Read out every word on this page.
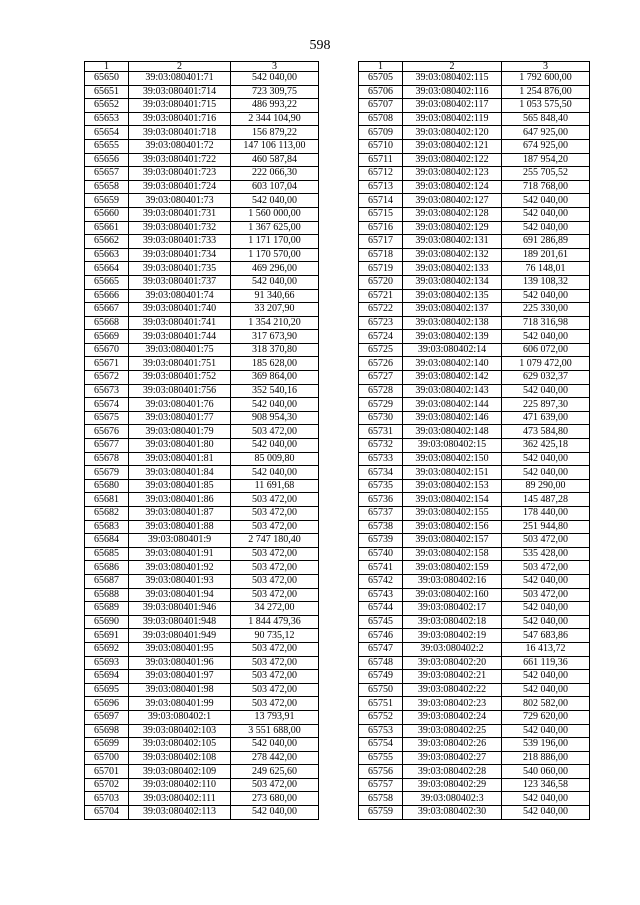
598
1	2	3
65650	39:03:080401:71	542 040,00
65651	39:03:080401:714	723 309,75
65652	39:03:080401:715	486 993,22
65653	39:03:080401:716	2 344 104,90
65654	39:03:080401:718	156 879,22
65655	39:03:080401:72	147 106 113,00
65656	39:03:080401:722	460 587,84
65657	39:03:080401:723	222 066,30
65658	39:03:080401:724	603 107,04
65659	39:03:080401:73	542 040,00
65660	39:03:080401:731	1 560 000,00
65661	39:03:080401:732	1 367 625,00
65662	39:03:080401:733	1 171 170,00
65663	39:03:080401:734	1 170 570,00
65664	39:03:080401:735	469 296,00
65665	39:03:080401:737	542 040,00
65666	39:03:080401:74	91 340,66
65667	39:03:080401:740	33 207,90
65668	39:03:080401:741	1 354 210,20
65669	39:03:080401:744	317 673,90
65670	39:03:080401:75	318 370,80
65671	39:03:080401:751	185 628,00
65672	39:03:080401:752	369 864,00
65673	39:03:080401:756	352 540,16
65674	39:03:080401:76	542 040,00
65675	39:03:080401:77	908 954,30
65676	39:03:080401:79	503 472,00
65677	39:03:080401:80	542 040,00
65678	39:03:080401:81	85 009,80
65679	39:03:080401:84	542 040,00
65680	39:03:080401:85	11 691,68
65681	39:03:080401:86	503 472,00
65682	39:03:080401:87	503 472,00
65683	39:03:080401:88	503 472,00
65684	39:03:080401:9	2 747 180,40
65685	39:03:080401:91	503 472,00
65686	39:03:080401:92	503 472,00
65687	39:03:080401:93	503 472,00
65688	39:03:080401:94	503 472,00
65689	39:03:080401:946	34 272,00
65690	39:03:080401:948	1 844 479,36
65691	39:03:080401:949	90 735,12
65692	39:03:080401:95	503 472,00
65693	39:03:080401:96	503 472,00
65694	39:03:080401:97	503 472,00
65695	39:03:080401:98	503 472,00
65696	39:03:080401:99	503 472,00
65697	39:03:080402:1	13 793,91
65698	39:03:080402:103	3 551 688,00
65699	39:03:080402:105	542 040,00
65700	39:03:080402:108	278 442,00
65701	39:03:080402:109	249 625,60
65702	39:03:080402:110	503 472,00
65703	39:03:080402:111	273 680,00
65704	39:03:080402:113	542 040,00
1	2	3
65705	39:03:080402:115	1 792 600,00
65706	39:03:080402:116	1 254 876,00
65707	39:03:080402:117	1 053 575,50
65708	39:03:080402:119	565 848,40
65709	39:03:080402:120	647 925,00
65710	39:03:080402:121	674 925,00
65711	39:03:080402:122	187 954,20
65712	39:03:080402:123	255 705,52
65713	39:03:080402:124	718 768,00
65714	39:03:080402:127	542 040,00
65715	39:03:080402:128	542 040,00
65716	39:03:080402:129	542 040,00
65717	39:03:080402:131	691 286,89
65718	39:03:080402:132	189 201,61
65719	39:03:080402:133	76 148,01
65720	39:03:080402:134	139 108,32
65721	39:03:080402:135	542 040,00
65722	39:03:080402:137	225 330,00
65723	39:03:080402:138	718 316,98
65724	39:03:080402:139	542 040,00
65725	39:03:080402:14	606 072,00
65726	39:03:080402:140	1 079 472,00
65727	39:03:080402:142	629 032,37
65728	39:03:080402:143	542 040,00
65729	39:03:080402:144	225 897,30
65730	39:03:080402:146	471 639,00
65731	39:03:080402:148	473 584,80
65732	39:03:080402:15	362 425,18
65733	39:03:080402:150	542 040,00
65734	39:03:080402:151	542 040,00
65735	39:03:080402:153	89 290,00
65736	39:03:080402:154	145 487,28
65737	39:03:080402:155	178 440,00
65738	39:03:080402:156	251 944,80
65739	39:03:080402:157	503 472,00
65740	39:03:080402:158	535 428,00
65741	39:03:080402:159	503 472,00
65742	39:03:080402:16	542 040,00
65743	39:03:080402:160	503 472,00
65744	39:03:080402:17	542 040,00
65745	39:03:080402:18	542 040,00
65746	39:03:080402:19	547 683,86
65747	39:03:080402:2	16 413,72
65748	39:03:080402:20	661 119,36
65749	39:03:080402:21	542 040,00
65750	39:03:080402:22	542 040,00
65751	39:03:080402:23	802 582,00
65752	39:03:080402:24	729 620,00
65753	39:03:080402:25	542 040,00
65754	39:03:080402:26	539 196,00
65755	39:03:080402:27	218 886,00
65756	39:03:080402:28	540 060,00
65757	39:03:080402:29	123 346,58
65758	39:03:080402:3	542 040,00
65759	39:03:080402:30	542 040,00
